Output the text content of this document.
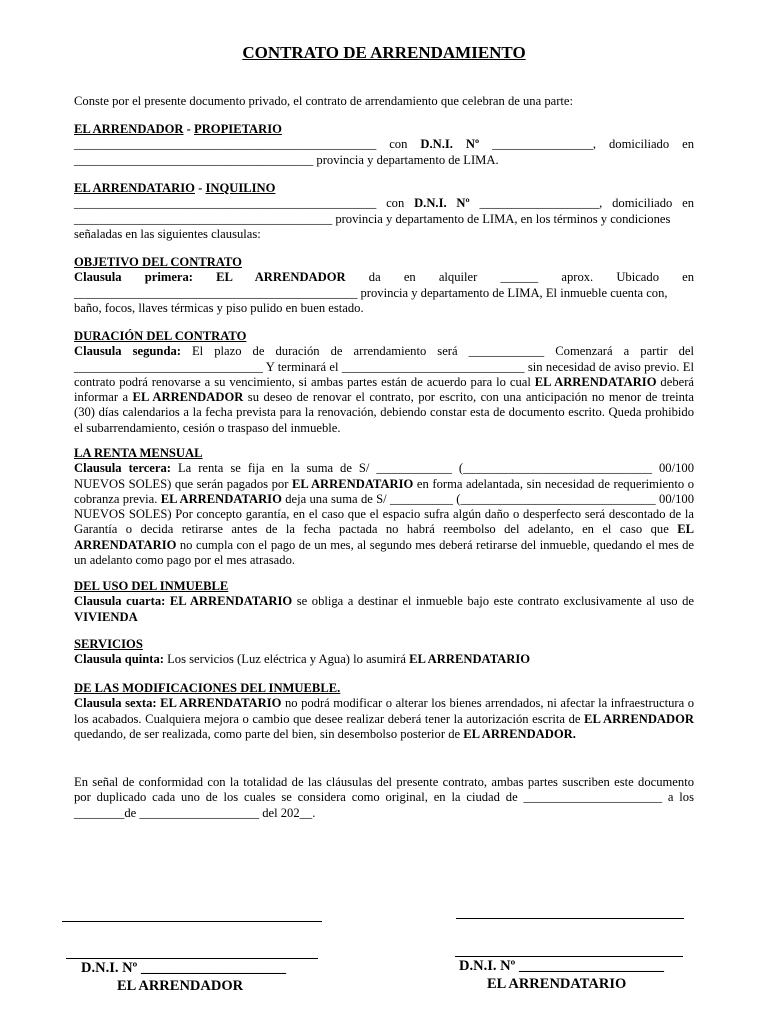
CONTRATO DE ARRENDAMIENTO
Conste por el presente documento privado, el contrato de arrendamiento que celebran de una parte:
EL ARRENDADOR - PROPIETARIO
________________________________________________ con D.N.I. Nº ________________, domiciliado en
______________________________________ provincia y departamento de LIMA.
EL ARRENDATARIO - INQUILINO
________________________________________________ con D.N.I. Nº ___________________, domiciliado en
_________________________________________ provincia y departamento de LIMA, en los términos y condiciones
señaladas en las siguientes clausulas:
OBJETIVO DEL CONTRATO
Clausula primera: EL ARRENDADOR da en alquiler ______ aprox. Ubicado en
_____________________________________________ provincia y departamento de LIMA, El inmueble cuenta con,
baño, focos, llaves térmicas y piso pulido en buen estado.
DURACIÓN DEL CONTRATO
Clausula segunda: El plazo de duración de arrendamiento será ____________ Comenzará a partir del ______________________________ Y terminará el _____________________________ sin necesidad de aviso previo. El contrato podrá renovarse a su vencimiento, si ambas partes están de acuerdo para lo cual EL ARRENDATARIO deberá informar a EL ARRENDADOR su deseo de renovar el contrato, por escrito, con una anticipación no menor de treinta (30) días calendarios a la fecha prevista para la renovación, debiendo constar esta de documento escrito. Queda prohibido el subarrendamiento, cesión o traspaso del inmueble.
LA RENTA MENSUAL
Clausula tercera: La renta se fija en la suma de S/ ____________ (______________________________ 00/100 NUEVOS SOLES) que serán pagados por EL ARRENDATARIO en forma adelantada, sin necesidad de requerimiento o cobranza previa. EL ARRENDATARIO deja una suma de S/ __________ (_______________________________ 00/100 NUEVOS SOLES) Por concepto garantía, en el caso que el espacio sufra algún daño o desperfecto será descontado de la Garantía o decida retirarse antes de la fecha pactada no habrá reembolso del adelanto, en el caso que EL ARRENDATARIO no cumpla con el pago de un mes, al segundo mes deberá retirarse del inmueble, quedando el mes de un adelanto como pago por el mes atrasado.
DEL USO DEL INMUEBLE
Clausula cuarta: EL ARRENDATARIO se obliga a destinar el inmueble bajo este contrato exclusivamente al uso de VIVIENDA
SERVICIOS
Clausula quinta: Los servicios (Luz eléctrica y Agua) lo asumirá EL ARRENDATARIO
DE LAS MODIFICACIONES DEL INMUEBLE.
Clausula sexta: EL ARRENDATARIO no podrá modificar o alterar los bienes arrendados, ni afectar la infraestructura o los acabados. Cualquiera mejora o cambio que desee realizar deberá tener la autorización escrita de EL ARRENDADOR quedando, de ser realizada, como parte del bien, sin desembolso posterior de EL ARRENDADOR.
En señal de conformidad con la totalidad de las cláusulas del presente contrato, ambas partes suscriben este documento por duplicado cada uno de los cuales se considera como original, en la ciudad de ______________________ a los ________de ___________________ del 202__.
D.N.I. Nº ____________________
EL ARRENDADOR
D.N.I. Nº ____________________
EL ARRENDATARIO
